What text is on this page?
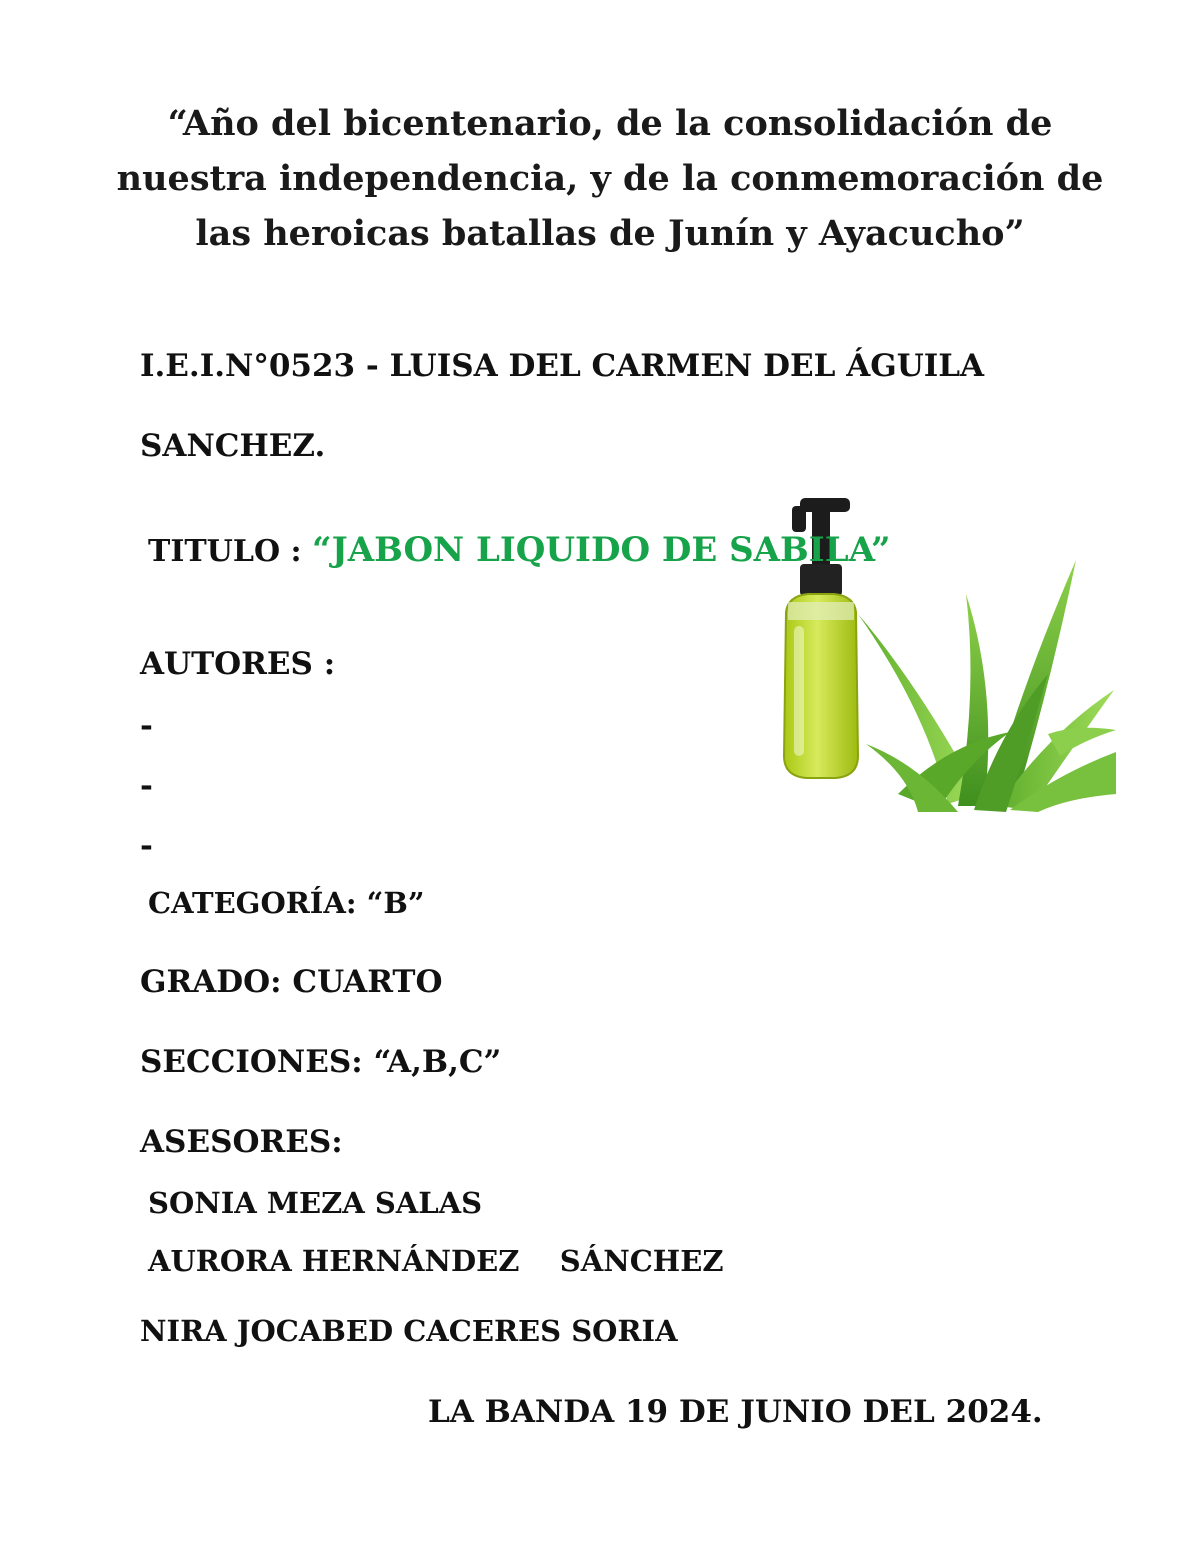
“Año del bicentenario, de la consolidación de
nuestra independencia, y de la conmemoración de
las heroicas batallas de Junín y Ayacucho”
I.E.I.N°0523 - LUISA DEL CARMEN DEL ÁGUILA
SANCHEZ.
TITULO : “JABON LIQUIDO DE SABILA”
AUTORES :
-
-
-
CATEGORÍA: “B”
GRADO: CUARTO
SECCIONES: “A,B,C”
ASESORES:
SONIA MEZA SALAS
AURORA HERNÁNDEZ    SÁNCHEZ
NIRA JOCABED CACERES SORIA
LA BANDA 19 DE JUNIO DEL 2024.
